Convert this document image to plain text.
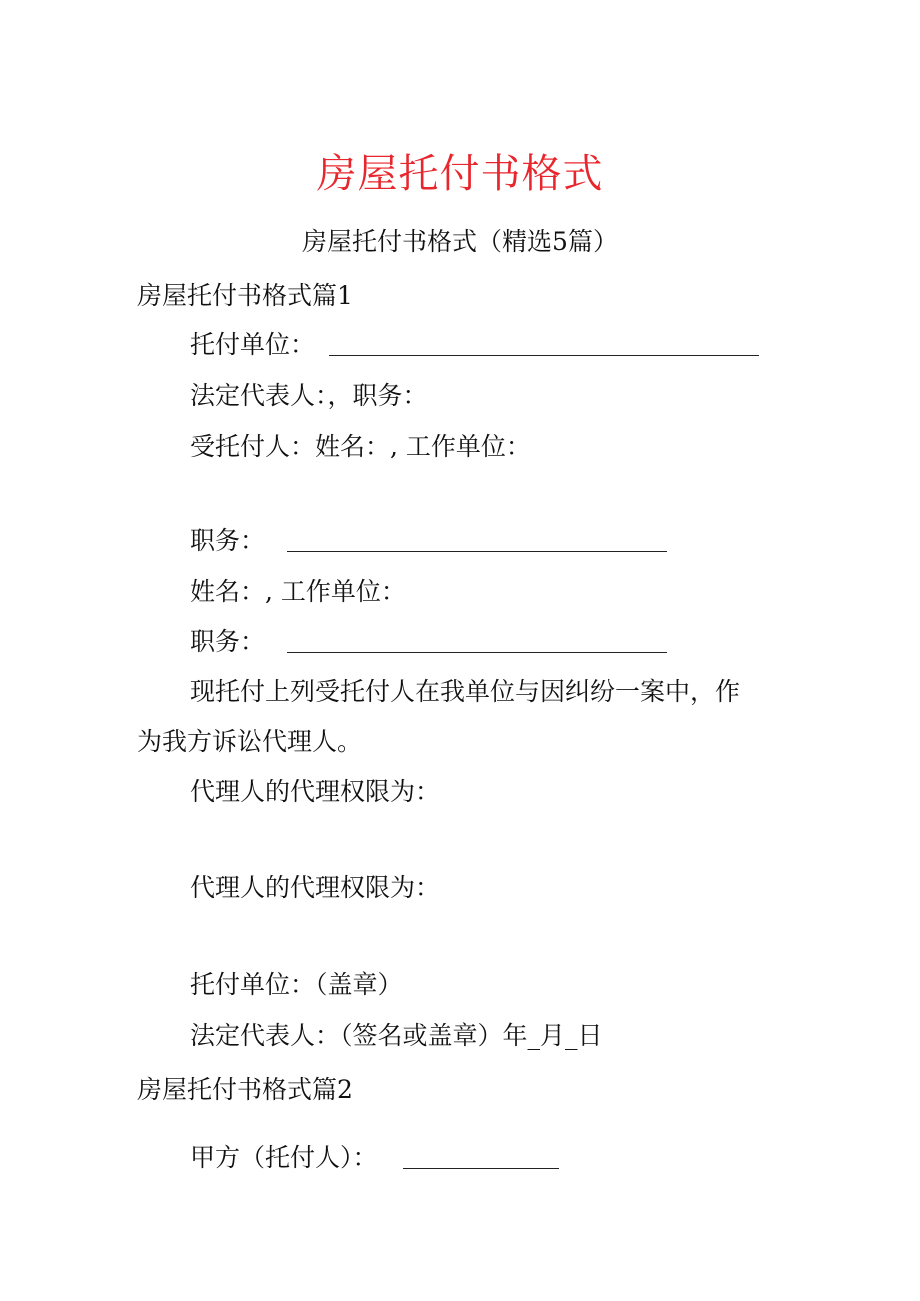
房屋托付书格式
房屋托付书格式（精选5篇）
房屋托付书格式篇1
托付单位：
法定代表人：，职务：
受托付人：姓名：, 工作单位：
职务：
姓名：, 工作单位：
职务：
现托付上列受托付人在我单位与因纠纷一案中，作
为我方诉讼代理人。
代理人的代理权限为：
代理人的代理权限为：
托付单位：（盖章）
法定代表人：（签名或盖章）年_月_日
房屋托付书格式篇2
甲方（托付人）：
